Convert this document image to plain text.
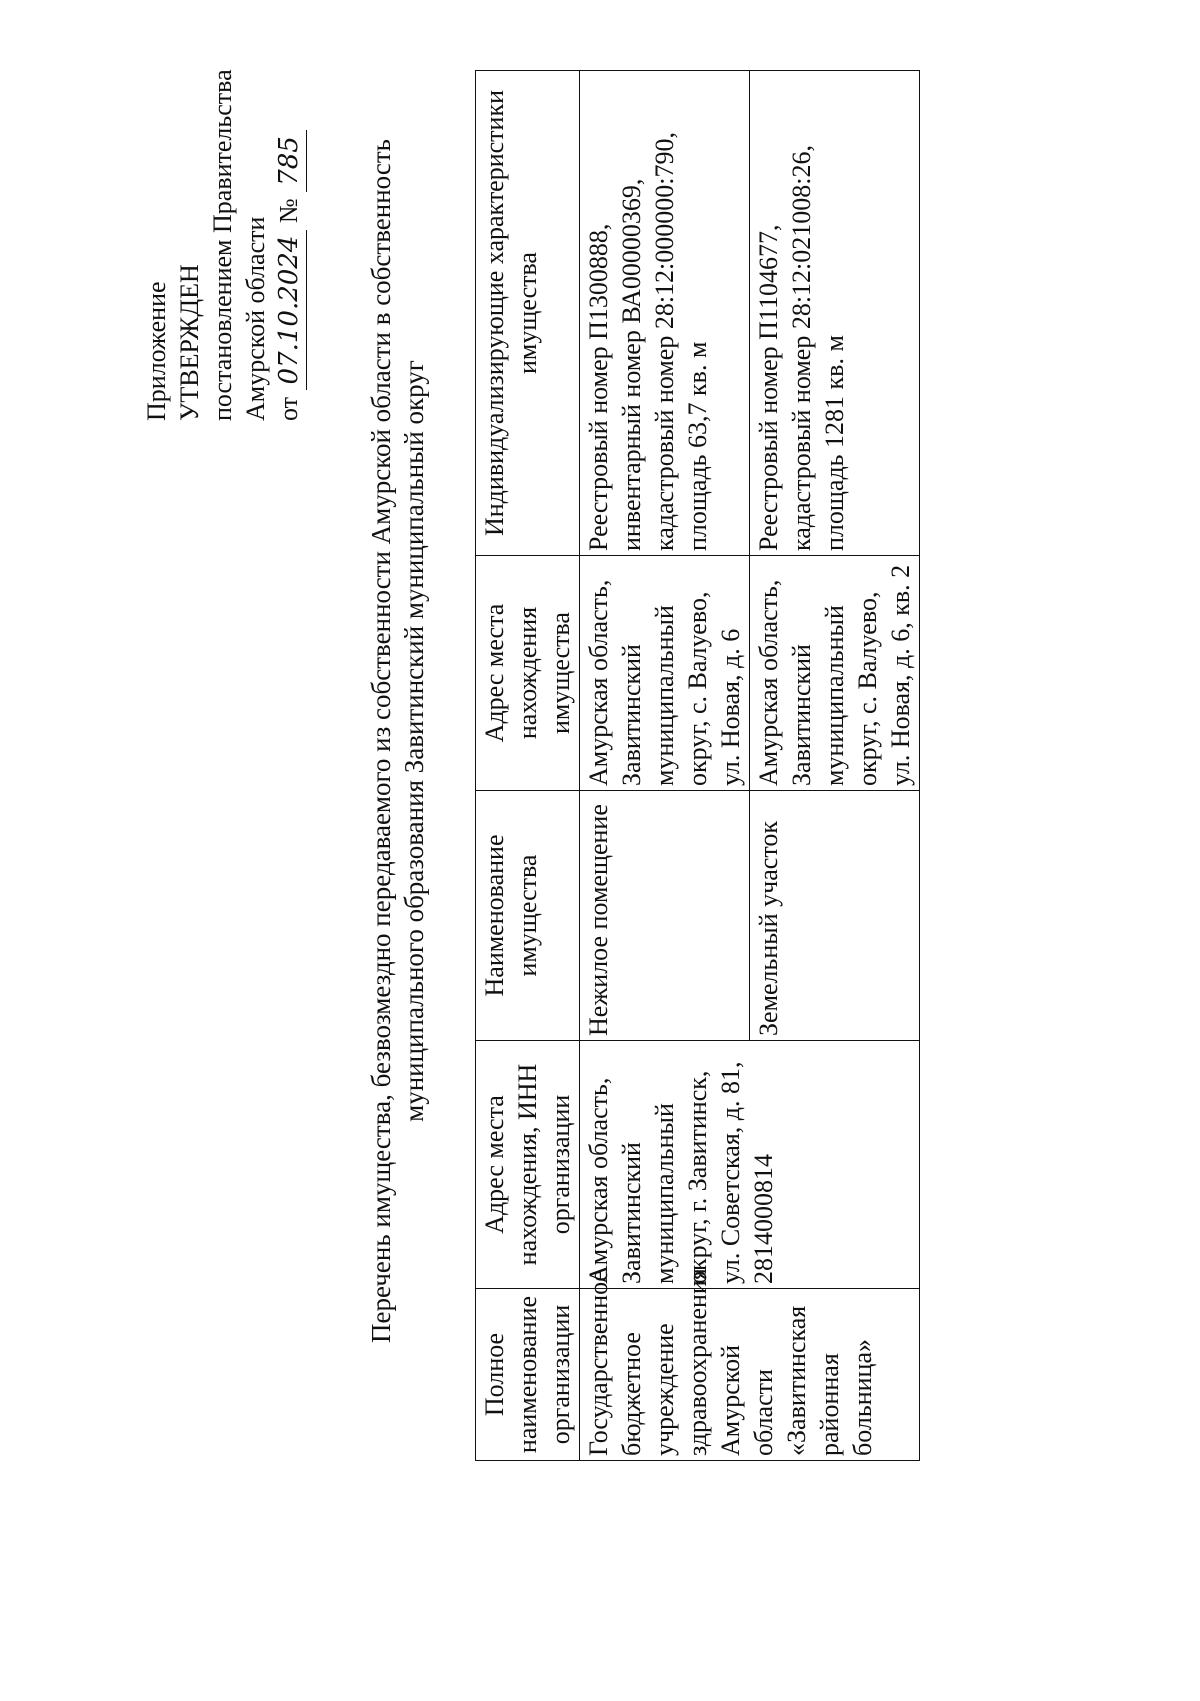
Приложение УТВЕРЖДЕН постановлением Правительства Амурской области от 07.10.2024 № 785 Перечень имущества, безвозмездно передаваемого из собственности Амурской области в собственность муниципального образования Завитинский муниципальный округ
Полное наименование организации	Адрес места нахождения, ИНН организации	Наименование имущества	Адрес места нахождения имущества	Индивидуализирующие характеристики имущества
Государственное бюджетное учреждение здравоохранения Амурской области «Завитинская районная больница»	Амурская область, Завитинский муниципальный округ, г. Завитинск, ул. Советская, д. 81, 2814000814	Нежилое помещение	Амурская область, Завитинский муниципальный округ, с. Валуево, ул. Новая, д. 6	Реестровый номер П1300888, инвентарный номер ВА00000369, кадастровый номер 28:12:000000:790, площадь 63,7 кв. м

		Земельный участок	Амурская область, Завитинский муниципальный округ, с. Валуево, ул. Новая, д. 6, кв. 2	Реестровый номер П1104677, кадастровый номер 28:12:021008:26, площадь 1281 кв. м
